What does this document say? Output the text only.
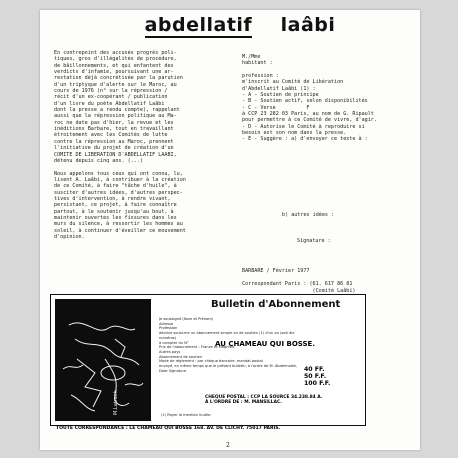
abdellatif laâbi
En contrepoint des accusés progrès poli-
tiques, gros d'illégalités de procédure,
de bâillonnements, et qui enfantent des
verdicts d'infamie, poursuivant une ar-
restation déjà concrétisée par la parution
d'un triptyque d'alerte sur le Maroc, au
cours de 1976 (n° sur la répression /
récit d'un ex-coopérant / publication
d'un livre du poète Abdellatif Laâbi
dont la presse a rendu compte), rappelant
aussi que la répression politique au Ma-
roc ne date pas d'hier, la revue et les
inéditions Barbare, tout en travaillant
étroitement avec les Comités de lutte
contre la répression au Maroc, prennent
l'initiative du projet de création d'un
COMITE DE LIBERATION D'ABDELLATIF LAABI,
détenu depuis cinq ans. (...)

Nous appelons tous ceux qui ont connu, lu,
lisent A. Laâbi, à contribuer à la création
de ce Comité, à faire "tâche d'huile", à
susciter d'autres idées, d'autres perspec-
tives d'intervention, à rendre vivant,
persistant, ce projet, à faire connaître
partout, à le soutenir jusqu'au bout, à
maintenir ouvertes les fissures dans les
murs du silence, à ressortir les hommes au
soleil, à continuer d'éveiller ce mouvement
d'opinion.
M./Mme
habitant :

profession :
m'inscrit au Comité de Libération
d'Abdellatif Laâbi (1) :
- A - Soutien de principe
- B - Soutien actif, selon disponibilités
- C - Verse          F
à CCP 23 282 03 Paris, au nom de G. Ripault
pour permettre à ce Comité de vivre, d'agir.
- D - Autorise le Comité à reproduire si
besoin est son nom dans la presse.
- E - Suggère : a) d'envoyer ce texte à :
b) autres idées :
Signature :
BARBARE / Février 1977

Correspondant Paris : (61. 617 86 81
(Comité Laâbi)
2
M.Latrach
Bulletin d'Abonnement
Je soussigné (Nom et Prénom)
Adresse
Profession
déclare souscrire un abonnement simple ou de soutien (1) d'un an (soit dix
numéros)
à compter du N°
Prix de l'abonnement : France et Maghreb
Autres pays
Abonnement de soutien
Mode de règlement : par chèque bancaire, mandat postal
envoyé, en même temps que le présent bulletin, à l'ordre de M. Abdelmalek,
Date Signature
AU CHAMEAU QUI BOSSE.
40 FF.
50 F.F.
100 F.F.
CHEQUE POSTAL : CCP LA SOURCE 34.238.84 A.
À L'ORDRE DE : M. MANSILLAC.
(1) Rayer la mention inutile.
TOUTE CORRESPONDANCE : LE CHAMEAU QUI BOSSE 168. AV. DE CLICHY. 75017 PARIS.
